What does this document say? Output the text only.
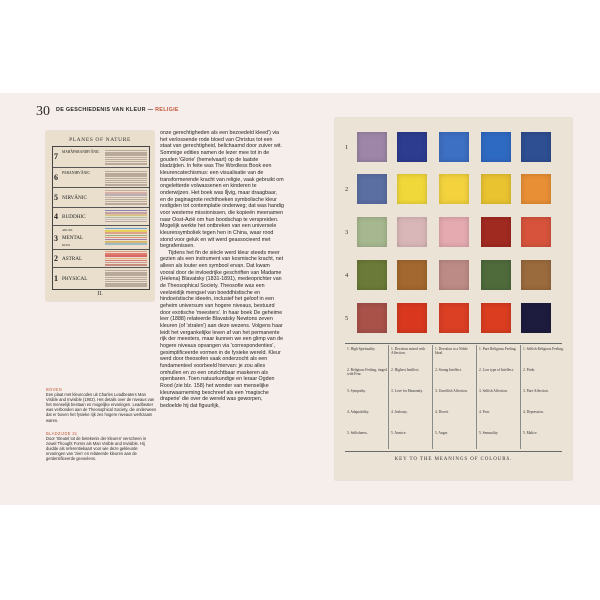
30 DE GESCHIEDENIS VAN KLEUR — RELIGIE
PLANES OF NATURE
7 MAHÂPARANIRVÂNIC
6 PARANIRVÂNIC
5 NIRVÂNIC
4 BUDDHIC
3
ARUPA
MENTAL
RUPA
2 ASTRAL
1 PHYSICAL
II.
BOVEN
Een plaat met kleurcodes uit Charles Leadbeaters Man Visible and Invisible (1902). Het details over de niveaus van het menselijk bestaan en mogelijke ervaringen. Leadbeater was verbonden aan de Theosophical Society, die onderwees dat er boven het fysieke rijk zes hogere niveaus werkzaam waren.
BLADZIJDE 31
Door 'Sleutel tot de betekenis der kleuren' verscheen in zowel Thought Forms als Man Visible and Invisible. Hij duidde als referentiekaart voor wie deze gekleurde ervaringen van 'zien' en relateerde kleuren aan de geïdentificeerde gevoelens.

onze gerechtigheden als een bezoedeld kleed') via het verlossende rode bloed van Christus tot een staat van gerechtigheid, belichaamd door zuiver wit. Sommige edities namen de lezer mee tot in de gouden 'Glorie' (hemelvaart) op de laatste bladzijden. In feite was The Wordless Book een kleurencatechismus: een visualisatie van de transformerende kracht van religie, vaak gebruikt om ongeletterde volwassenen en kinderen te onderwijzen. Het boek was ll̈jvig, maar draagbaar, en de paginagrote rechthoeken symbolische kleur nodigden tot contemplatie onderweg; dat was handig voor westerne missionissen, die kopieën meenamen naar Oost-Azië om hun boodschap te verspreiden. Mogelijk werkte het ontbreken van een universele kleurensymboliek tegen hen in China, waar rood stond voor geluk en wit werd geassocieerd met begrafenissen.

Tijdens het fin de siècle werd kleur steeds meer gezien als een instrument van kosmische kracht, net alleen als louter een symbool ervan. Dat kwam vooral door de invloedrijke geschriften van Madame (Helena) Blavatsky (1831-1891), medeoprichter van de Theosophical Society. Theosofie was een veelzeidijk mengsel van boeddhistische en hindoeïstische ideeën, inclusief het geloof in een geheim universum van hogere niveaus, bestuurd door exotische 'meesters'. In haar boek De geheime leer (1888) relateerde Blavatsky Newtons zeven kleuren (of 'stralen') aan deze wezens. Volgens haar leidt het vergankelijke leven af van het permanente rijk der meesters, maar kunnen we een glimp van de hogere niveaus opvangen via 'correspondenties', gesimplificeerde vormen in de fysieke wereld. Kleur werd door theosofen vaak onderzocht als een fundamenteel voorbeeld hiervan: je zou alles omhullen en zo een onzichtbaar maskeren als openbaren. Toen natuurkundige en leraar Ogden Rood (zie blz. 158) het wonder van menselijke kleurwaarneming beschreef als een 'magische draperie' die over de wereld was geworpen, bedoelde hij dat figuurlijk,

KEY TO THE MEANINGS OF COLOURS.
1
2
3
4
5
1. High Spirituality.
2. Religious Feeling, tinged with Fear.
3. Sympathy.
4. Adaptability.
5. Selfishness.
1. Devotion mixed with Affection.
2. Highest Intellect.
3. Love for Humanity.
4. Jealousy.
5. Avarice.
1. Devotion to a Noble Ideal.
2. Strong Intellect.
3. Unselfish Affection.
4. Deceit.
5. Anger.
1. Pure Religious Feeling.
2. Low type of Intellect.
3. Selfish Affection.
4. Fear.
5. Sensuality.
1. Selfish Religious Feeling.
2. Pride.
3. Pure Affection.
4. Depression.
5. Malice.
